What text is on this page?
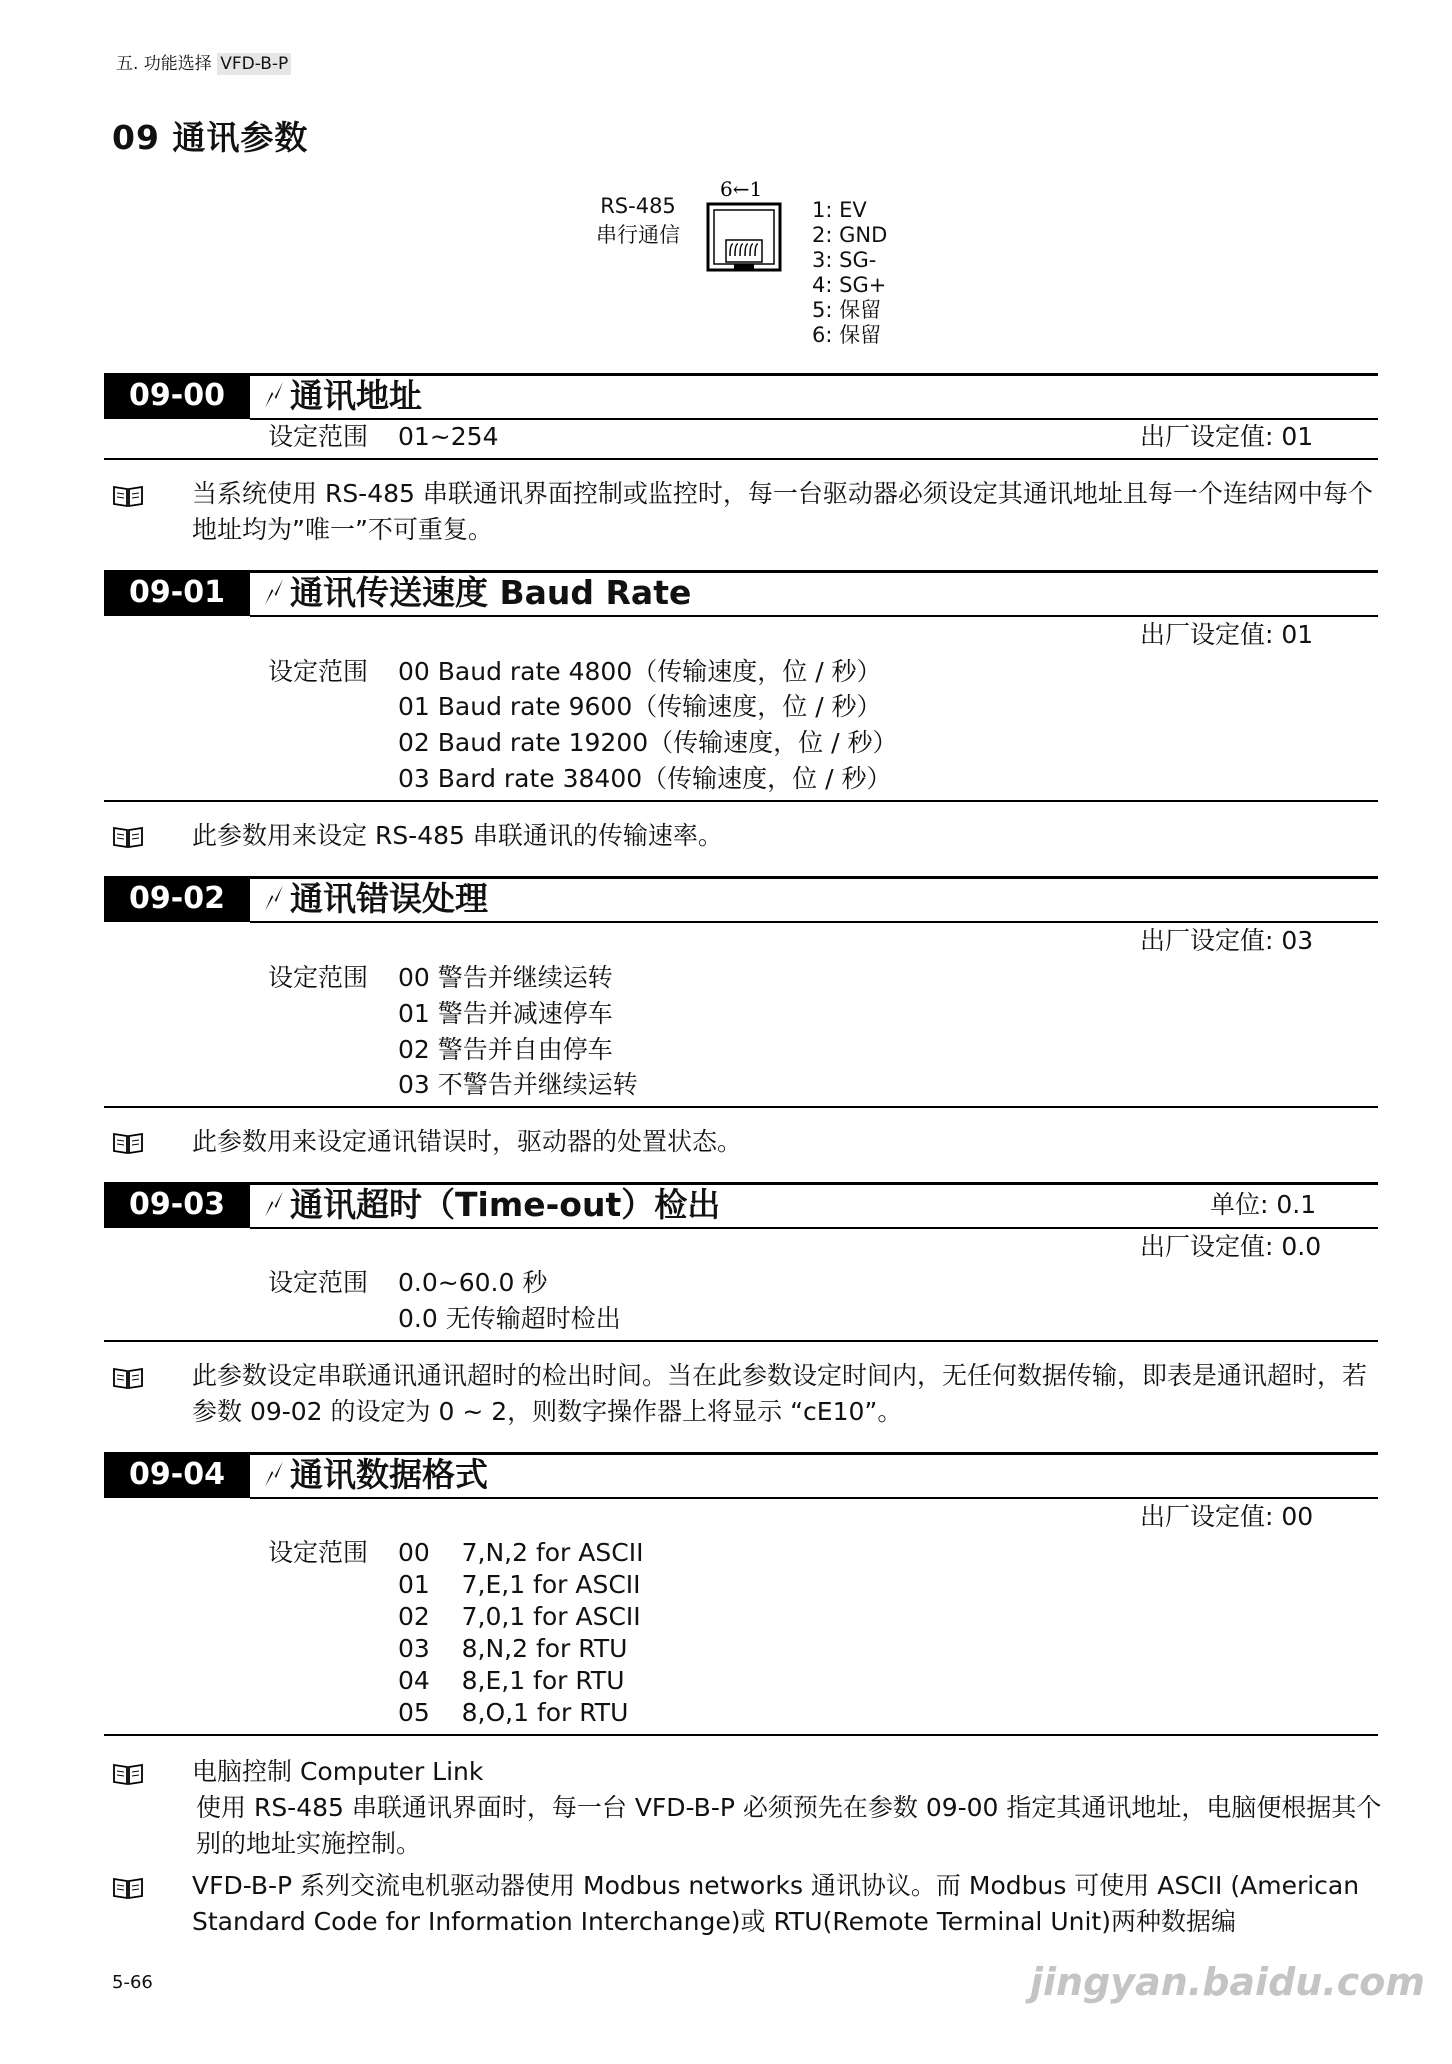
五. 功能选择 VFD-B-P
09 通讯参数
RS-485
串行通信
6←1
1: EV
2: GND
3: SG-
4: SG+
5: 保留
6: 保留
09-00	通讯地址
设定范围 01~254	出厂设定值: 01
当系统使用 RS-485 串联通讯界面控制或监控时，每一台驱动器必须设定其通讯地址且每一个连结网中每个地址均为”唯一”不可重复。
09-01	通讯传送速度 Baud Rate
出厂设定值: 01
设定范围 00 Baud rate 4800（传输速度，位 / 秒）
01 Baud rate 9600（传输速度，位 / 秒）
02 Baud rate 19200（传输速度，位 / 秒）
03 Bard rate 38400（传输速度，位 / 秒）
此参数用来设定 RS-485 串联通讯的传输速率。
09-02	通讯错误处理
出厂设定值: 03
设定范围 00 警告并继续运转
01 警告并减速停车
02 警告并自由停车
03 不警告并继续运转
此参数用来设定通讯错误时，驱动器的处置状态。
09-03	通讯超时（Time-out）检出	单位: 0.1
出厂设定值: 0.0
设定范围 0.0~60.0 秒
0.0 无传输超时检出
此参数设定串联通讯通讯超时的检出时间。当在此参数设定时间内，无任何数据传输，即表是通讯超时，若参数 09-02 的设定为 0 ~ 2，则数字操作器上将显示 “cE10”。
09-04	通讯数据格式
出厂设定值: 00
设定范围 00    7,N,2 for ASCII
01    7,E,1 for ASCII
02    7,0,1 for ASCII
03    8,N,2 for RTU
04    8,E,1 for RTU
05    8,O,1 for RTU
电脑控制 Computer Link
使用 RS-485 串联通讯界面时，每一台 VFD-B-P 必须预先在参数 09-00 指定其通讯地址，电脑便根据其个别的地址实施控制。
VFD-B-P 系列交流电机驱动器使用 Modbus networks 通讯协议。而 Modbus 可使用 ASCII (American Standard Code for Information Interchange)或 RTU(Remote Terminal Unit)两种数据编
5-66	jingyan.baidu.com
